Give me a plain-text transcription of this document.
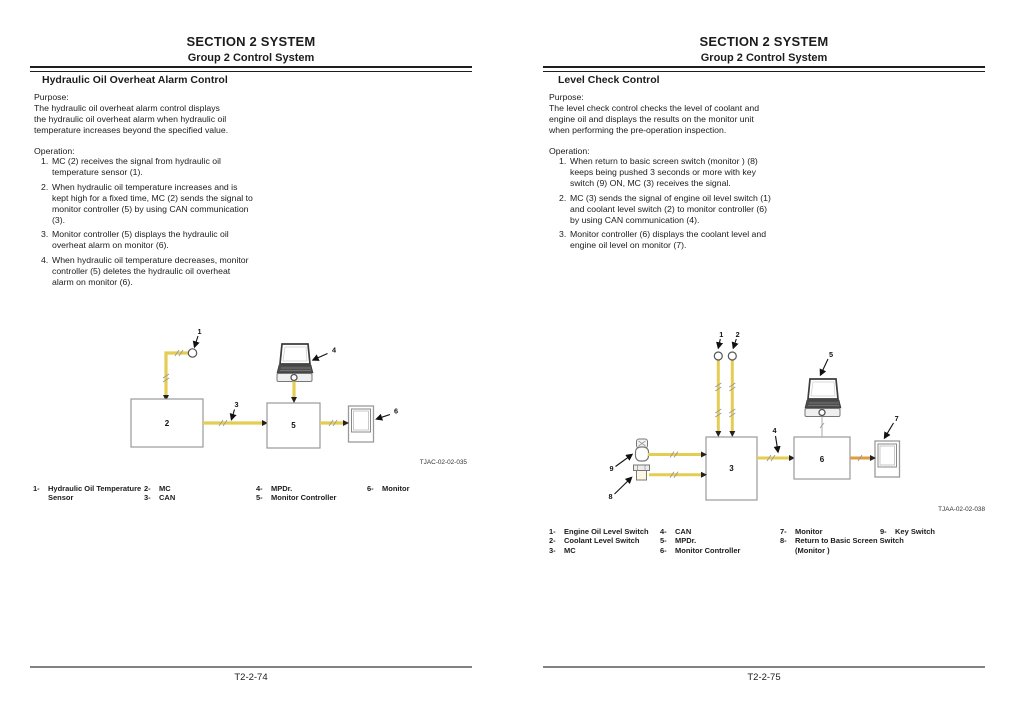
SECTION 2 SYSTEM
Group 2 Control System
Hydraulic Oil Overheat Alarm Control
Purpose:
The hydraulic oil overheat alarm control displays
the hydraulic oil overheat alarm when hydraulic oil
temperature increases beyond the specified value.
Operation:
1. MC (2) receives the signal from hydraulic oil
temperature sensor (1).
2. When hydraulic oil temperature increases and is
kept high for a fixed time, MC (2) sends the signal to
monitor controller (5) by using CAN communication
(3).
3. Monitor controller (5) displays the hydraulic oil
overheat alarm on monitor (6).
4. When hydraulic oil temperature decreases, monitor
controller (5) deletes the hydraulic oil overheat
alarm on monitor (6).
2	5
1
3
4
6
TJAC-02-02-035
1-	Hydraulic Oil Temperature
Sensor
2-	MC
3-	CAN
4-	MPDr.
5-	Monitor Controller
6-	Monitor
T2-2-74
SECTION 2 SYSTEM
Group 2 Control System
Level Check Control
Purpose:
The level check control checks the level of coolant and
engine oil and displays the results on the monitor unit
when performing the pre-operation inspection.
Operation:
1. When return to basic screen switch (monitor ) (8)
keeps being pushed 3 seconds or more with key
switch (9) ON, MC (3) receives the signal.
2. MC (3) sends the signal of engine oil level switch (1)
and coolant level switch (2) to monitor controller (6)
by using CAN communication (4).
3. Monitor controller (6) displays the coolant level and
engine oil level on monitor (7).
3
6
1 2
5
7
4
9
8
TJAA-02-02-038
1-	Engine Oil Level Switch
2-	Coolant Level Switch
3-	MC
4-	CAN
5-	MPDr.
6-	Monitor Controller
7-	Monitor
8-	Return to Basic Screen Switch
(Monitor )
9-	Key Switch
T2-2-75
